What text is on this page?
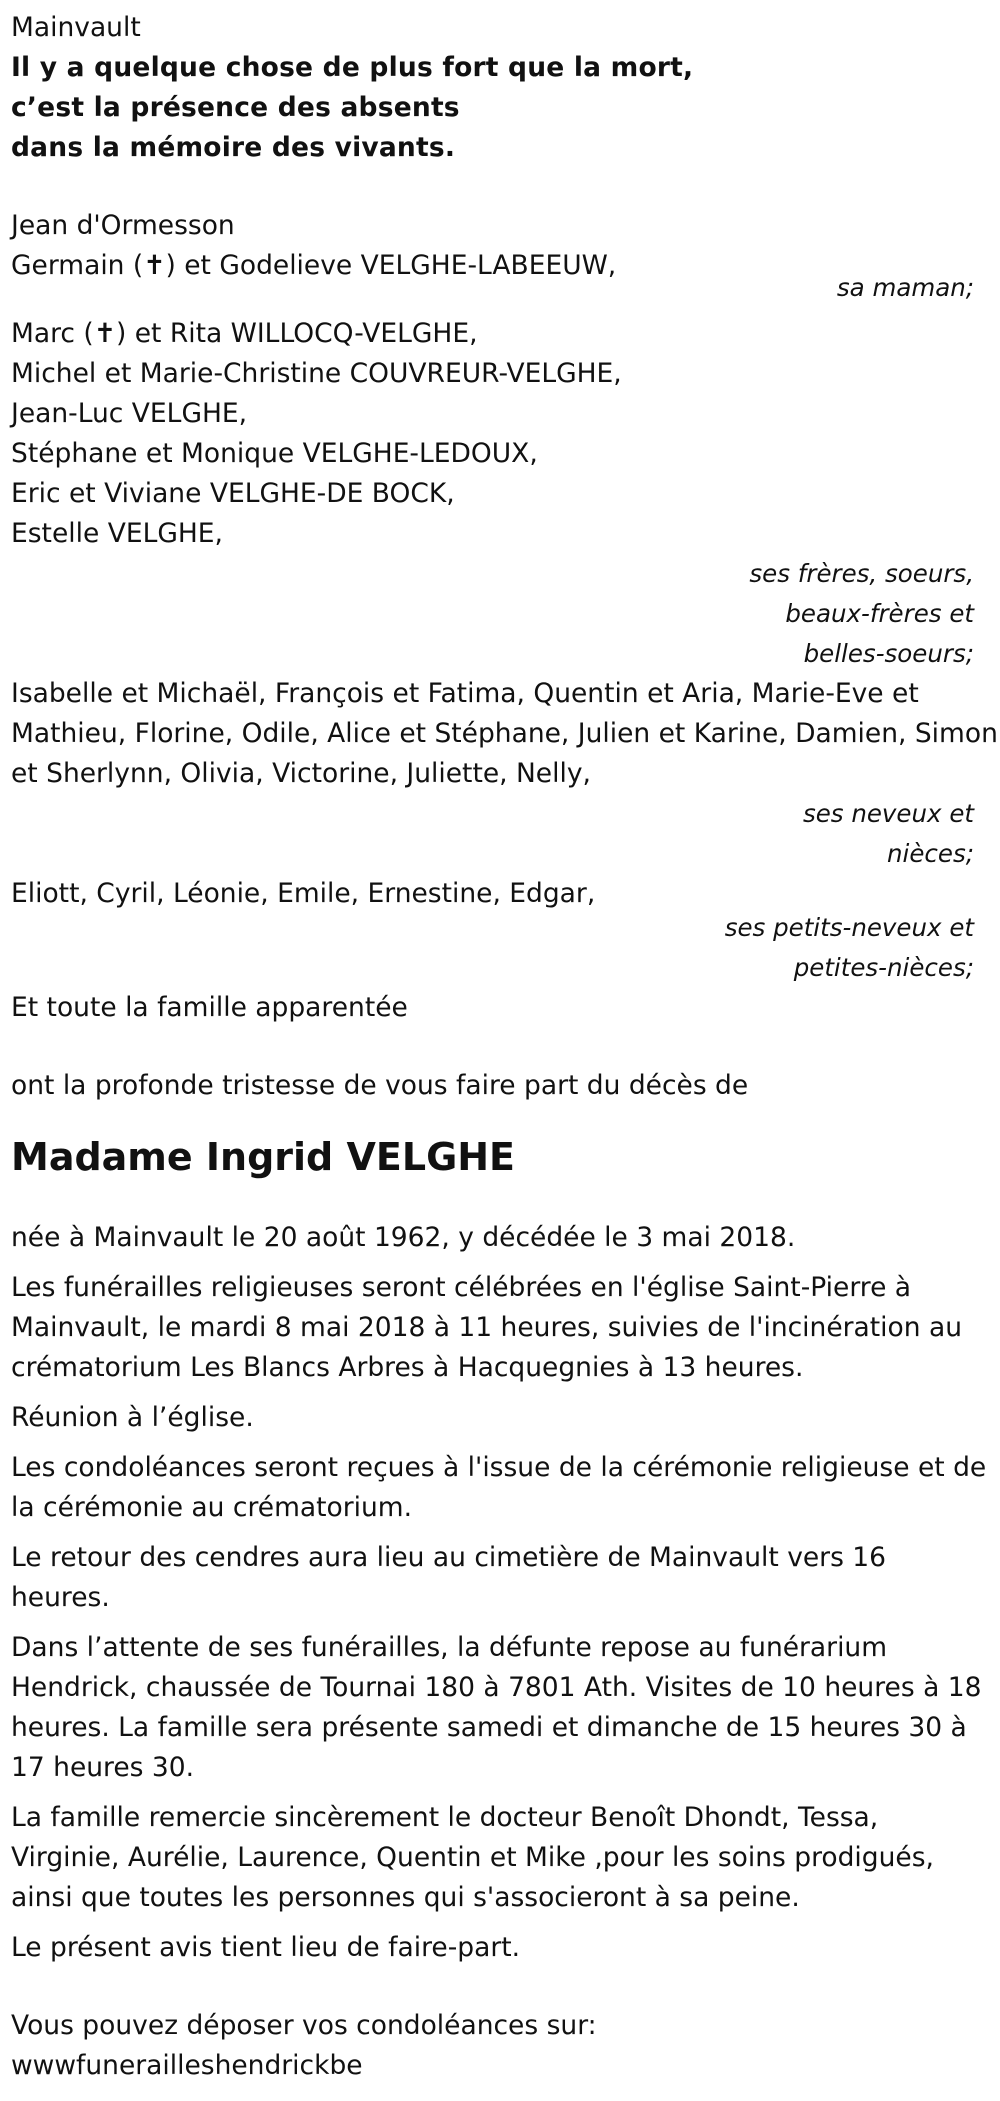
Mainvault

Il y a quelque chose de plus fort que la mort,

c’est la présence des absents

dans la mémoire des vivants.

Jean d'Ormesson

Germain (✝) et Godelieve VELGHE-LABEEUW,

sa maman;

Marc (✝) et Rita WILLOCQ-VELGHE,

Michel et Marie-Christine COUVREUR-VELGHE,

Jean-Luc VELGHE,

Stéphane et Monique VELGHE-LEDOUX,

Eric et Viviane VELGHE-DE BOCK,

Estelle VELGHE,

ses frères, soeurs,

beaux-frères et

belles-soeurs;

Isabelle et Michaël, François et Fatima, Quentin et Aria, Marie-Eve et

Mathieu, Florine, Odile, Alice et Stéphane, Julien et Karine, Damien, Simon

et Sherlynn, Olivia, Victorine, Juliette, Nelly,

ses neveux et

nièces;

Eliott, Cyril, Léonie, Emile, Ernestine, Edgar,

ses petits-neveux et

petites-nièces;

Et toute la famille apparentée

ont la profonde tristesse de vous faire part du décès de

Madame Ingrid VELGHE

née à Mainvault le 20 août 1962, y décédée le 3 mai 2018.

Les funérailles religieuses seront célébrées en l'église Saint-Pierre à

Mainvault, le mardi 8 mai 2018 à 11 heures, suivies de l'incinération au

crématorium Les Blancs Arbres à Hacquegnies à 13 heures.

Réunion à l’église.

Les condoléances seront reçues à l'issue de la cérémonie religieuse et de

la cérémonie au crématorium.

Le retour des cendres aura lieu au cimetière de Mainvault vers 16

heures.

Dans l’attente de ses funérailles, la défunte repose au funérarium

Hendrick, chaussée de Tournai 180 à 7801 Ath. Visites de 10 heures à 18

heures. La famille sera présente samedi et dimanche de 15 heures 30 à

17 heures 30.

La famille remercie sincèrement le docteur Benoît Dhondt, Tessa,

Virginie, Aurélie, Laurence, Quentin et Mike ,pour les soins prodigués,

ainsi que toutes les personnes qui s'associeront à sa peine.

Le présent avis tient lieu de faire-part.

Vous pouvez déposer vos condoléances sur:

wwwfunerailleshendrickbe
